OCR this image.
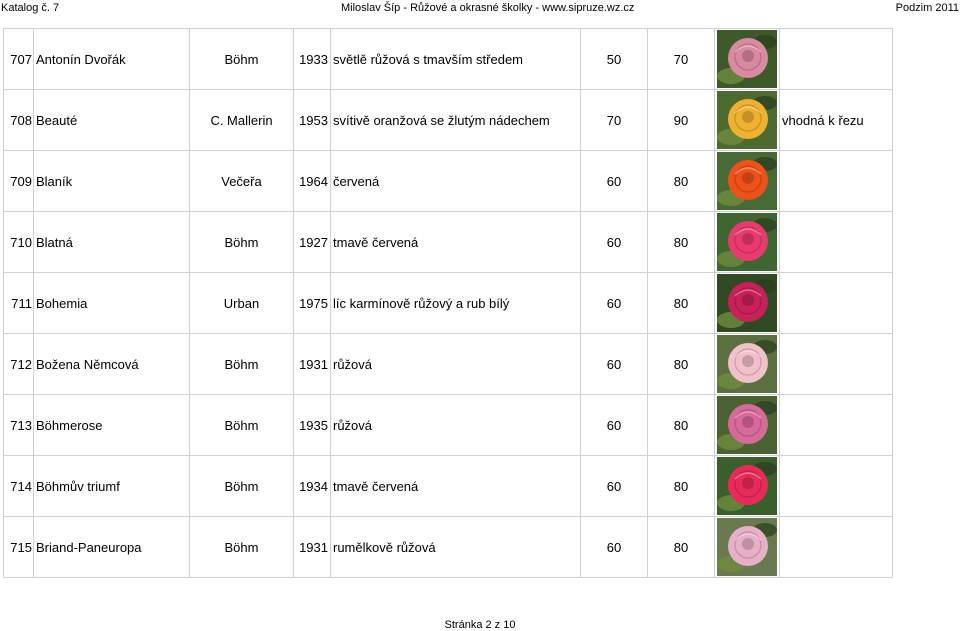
Katalog č. 7	Miloslav Šíp - Růžové a okrasné školky - www.sipruze.wz.cz	Podzim 2011
707	Antonín Dvořák	Böhm	1933	světlě růžová s tmavším středem	50	70	

708	Beauté	C. Mallerin	1953	svítivě oranžová se žlutým nádechem	70	90		vhodná k řezu
709	Blaník	Večeřa	1964	červená	60	80	

710	Blatná	Böhm	1927	tmavě červená	60	80	

711	Bohemia	Urban	1975	líc karmínově růžový a rub bílý	60	80	

712	Božena Němcová	Böhm	1931	růžová	60	80	

713	Böhmerose	Böhm	1935	růžová	60	80	

714	Böhmův triumf	Böhm	1934	tmavě červená	60	80	

715	Briand-Paneuropa	Böhm	1931	rumělkově růžová	60	80	

Stránka 2 z 10
